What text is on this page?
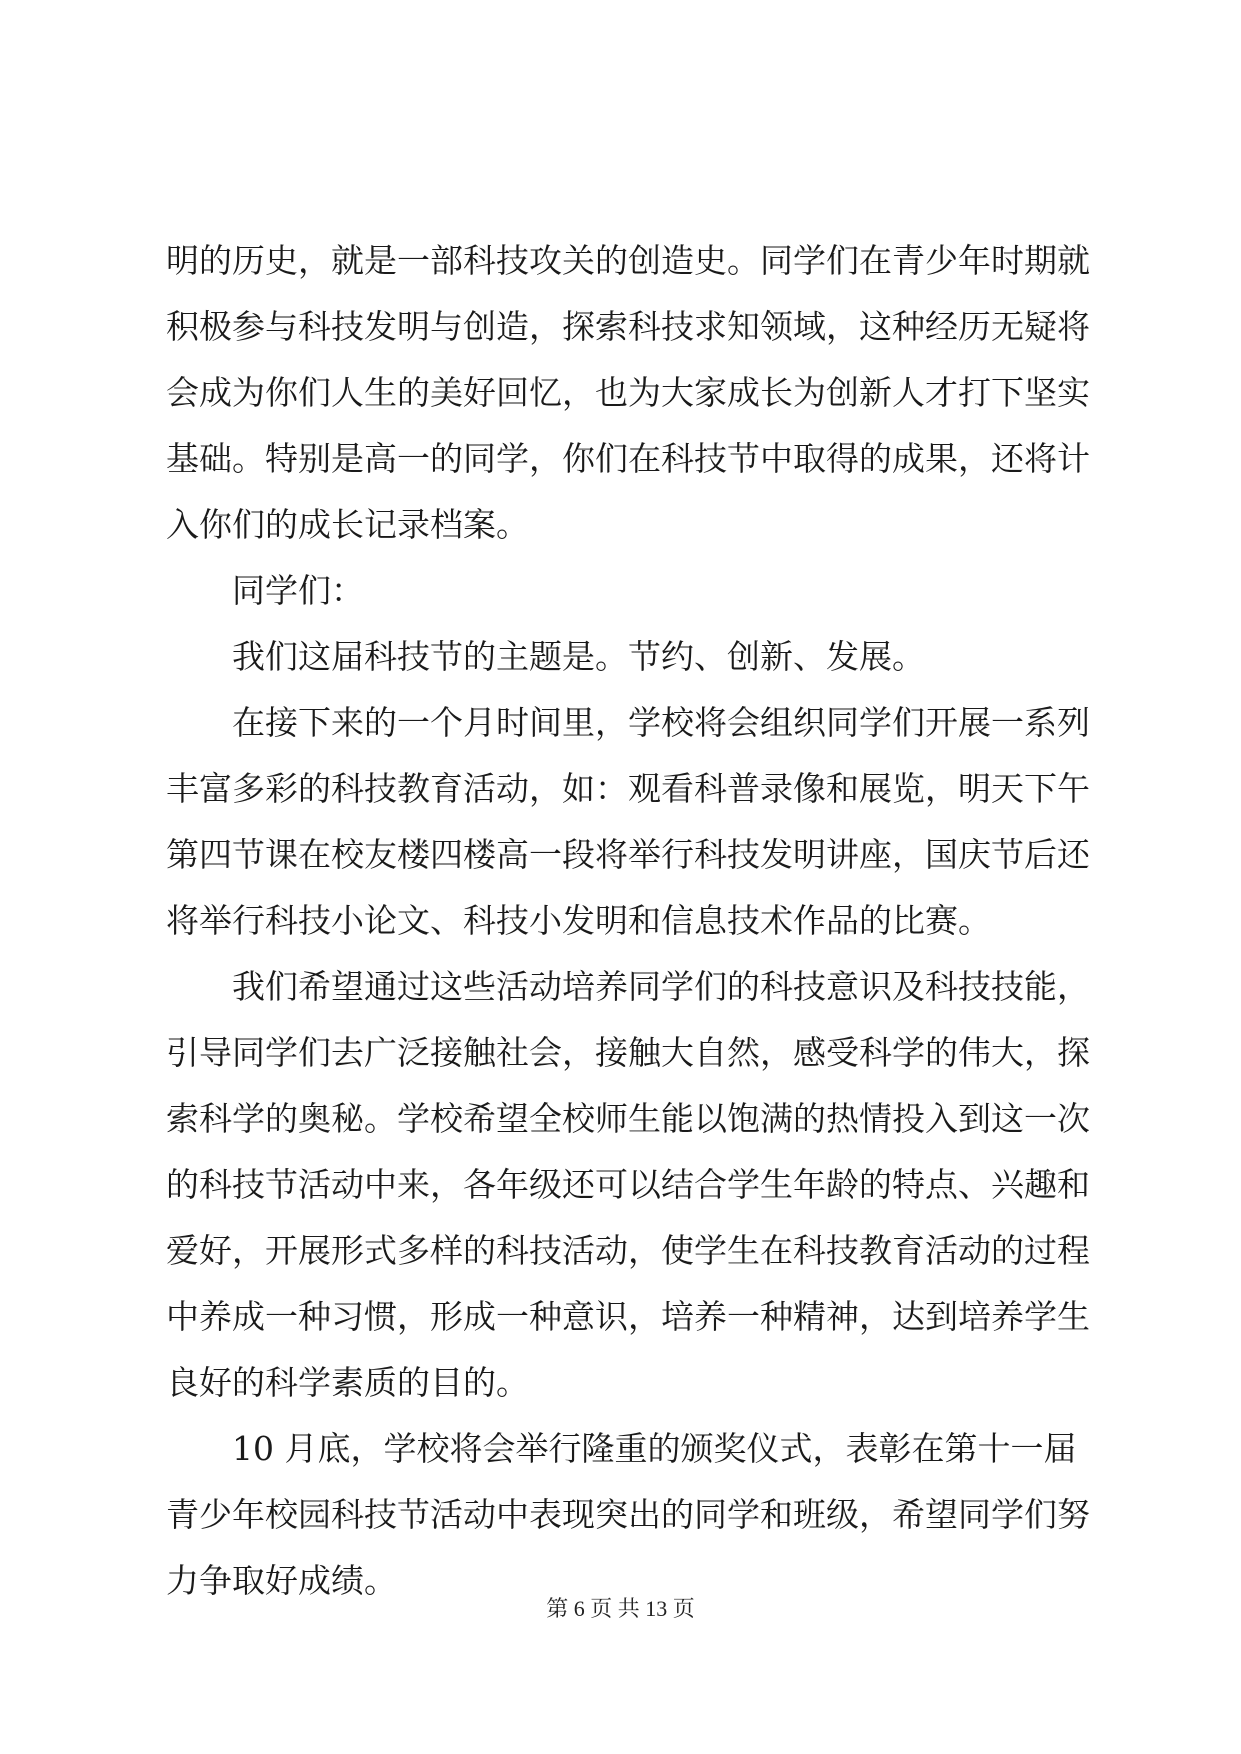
明的历史，就是一部科技攻关的创造史。同学们在青少年时期就
积极参与科技发明与创造，探索科技求知领域，这种经历无疑将
会成为你们人生的美好回忆，也为大家成长为创新人才打下坚实
基础。特别是高一的同学，你们在科技节中取得的成果，还将计
入你们的成长记录档案。
同学们：
我们这届科技节的主题是。节约、创新、发展。
在接下来的一个月时间里，学校将会组织同学们开展一系列
丰富多彩的科技教育活动，如：观看科普录像和展览，明天下午
第四节课在校友楼四楼高一段将举行科技发明讲座，国庆节后还
将举行科技小论文、科技小发明和信息技术作品的比赛。
我们希望通过这些活动培养同学们的科技意识及科技技能，
引导同学们去广泛接触社会，接触大自然，感受科学的伟大，探
索科学的奥秘。学校希望全校师生能以饱满的热情投入到这一次
的科技节活动中来，各年级还可以结合学生年龄的特点、兴趣和
爱好，开展形式多样的科技活动，使学生在科技教育活动的过程
中养成一种习惯，形成一种意识，培养一种精神，达到培养学生
良好的科学素质的目的。
10 月底，学校将会举行隆重的颁奖仪式，表彰在第十一届
青少年校园科技节活动中表现突出的同学和班级，希望同学们努
力争取好成绩。
第 6 页 共 13 页
